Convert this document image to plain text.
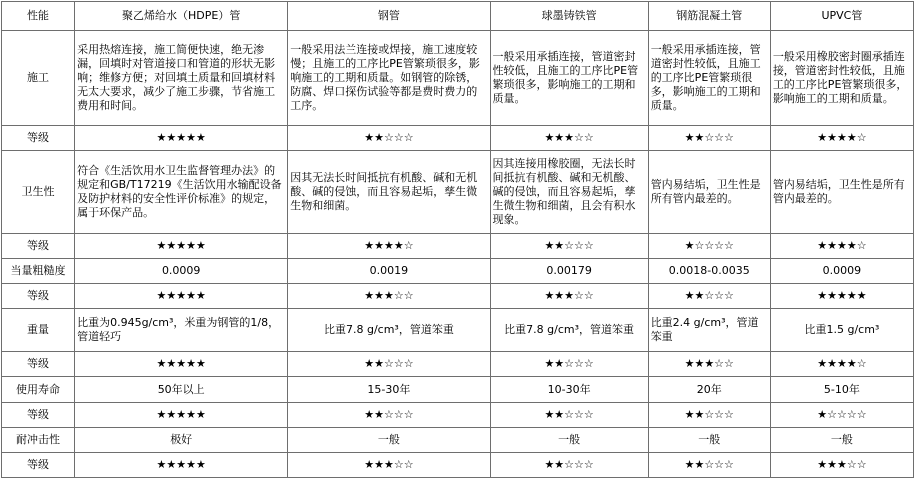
性能	聚乙烯给水（HDPE）管	钢管	球墨铸铁管	钢筋混凝土管	UPVC管
施工	采用热熔连接，施工简便快速，绝无渗漏，回填时对管道接口和管道的形状无影响；维修方便；对回填土质量和回填材料无太大要求，减少了施工步骤，节省施工费用和时间。	一般采用法兰连接或焊接，施工速度较慢；且施工的工序比PE管繁琐很多，影响施工的工期和质量。如钢管的除锈，防腐、焊口探伤试验等都是费时费力的工序。	一般采用承插连接，管道密封性较低，且施工的工序比PE管繁琐很多，影响施工的工期和质量。	一般采用承插连接，管道密封性较低，且施工的工序比PE管繁琐很多，影响施工的工期和质量。	一般采用橡胶密封圈承插连接，管道密封性较低，且施工的工序比PE管繁琐很多，影响施工的工期和质量。
等级	★★★★★	★★☆☆☆	★★★☆☆	★★☆☆☆	★★★★☆
卫生性	符合《生活饮用水卫生监督管理办法》的规定和GB/T17219《生活饮用水输配设备及防护材料的安全性评价标准》的规定，属于环保产品。	因其无法长时间抵抗有机酸、碱和无机酸、碱的侵蚀，而且容易起垢，孳生微生物和细菌。	因其连接用橡胶圈，无法长时间抵抗有机酸、碱和无机酸、碱的侵蚀，而且容易起垢，孳生微生物和细菌，且会有积水现象。	管内易结垢，卫生性是所有管内最差的。	管内易结垢，卫生性是所有管内最差的。
等级	★★★★★	★★★★☆	★★☆☆☆	★☆☆☆☆	★★★★☆
当量粗糙度	0.0009	0.0019	0.00179	0.0018-0.0035	0.0009
等级	★★★★★	★★★☆☆	★★★☆☆	★★☆☆☆	★★★★★
重量	比重为0.945g/cm³，米重为钢管的1/8，管道轻巧	比重7.8 g/cm³，管道笨重	比重7.8 g/cm³，管道笨重	比重2.4 g/cm³，管道笨重	比重1.5 g/cm³
等级	★★★★★	★★☆☆☆	★★☆☆☆	★★★☆☆	★★★★☆
使用寿命	50年以上	15-30年	10-30年	20年	5-10年
等级	★★★★★	★★☆☆☆	★★☆☆☆	★★☆☆☆	★☆☆☆☆
耐冲击性	极好	一般	一般	一般	一般
等级	★★★★★	★★★☆☆	★★☆☆☆	★★☆☆☆	★★★☆☆
